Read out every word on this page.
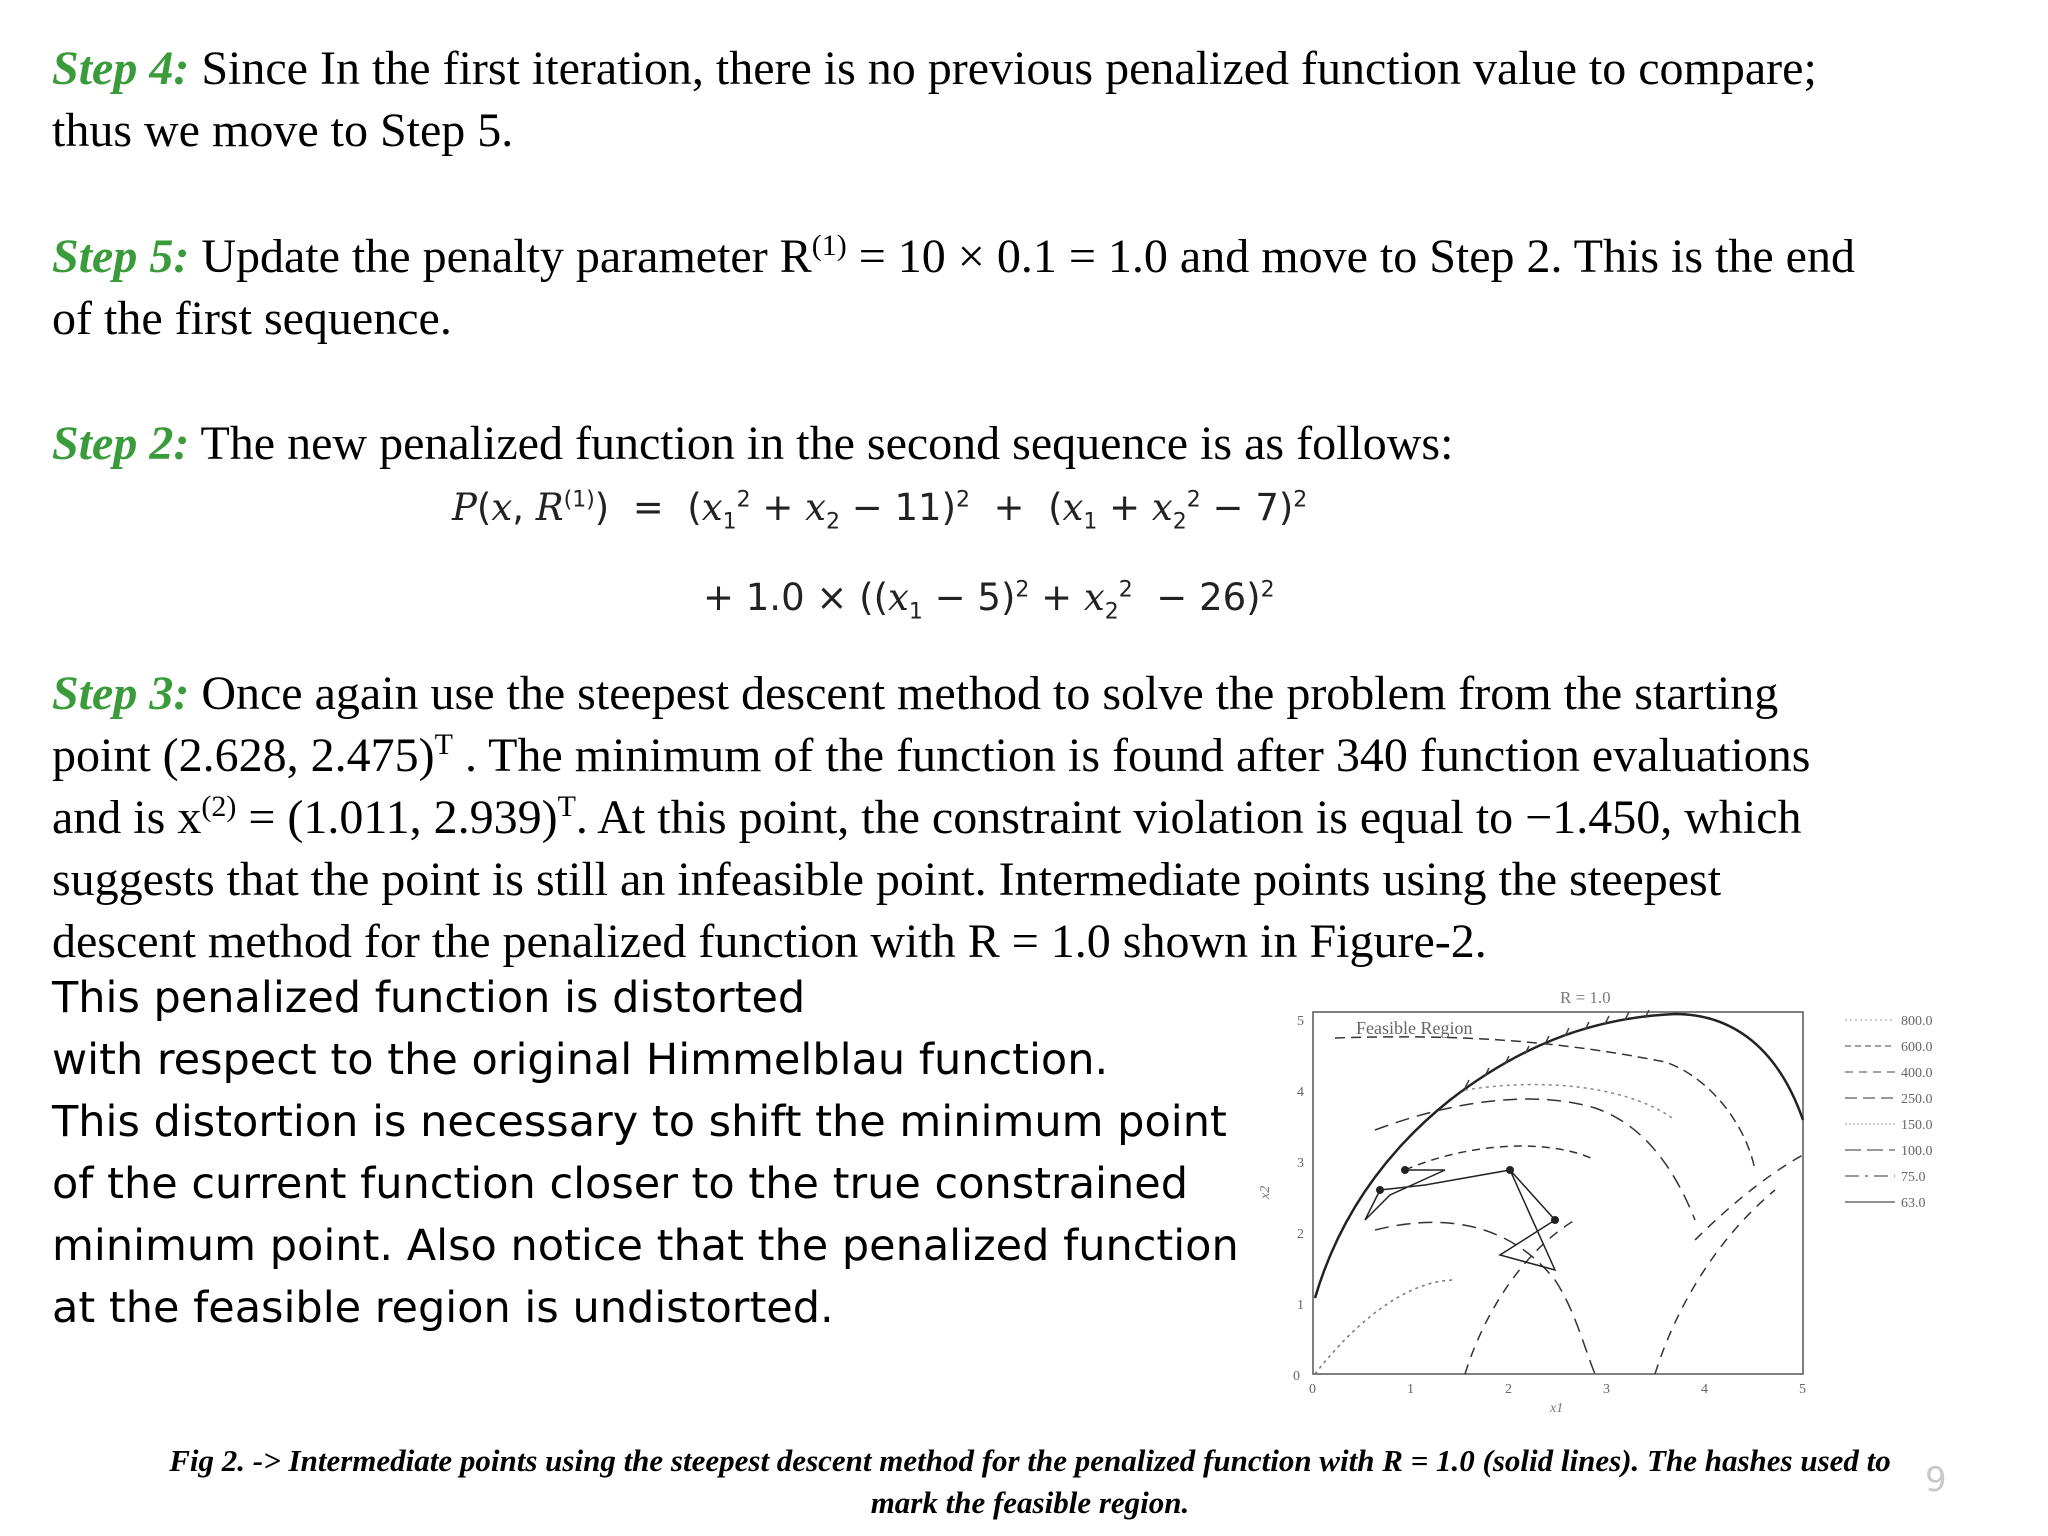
Step 4: Since In the first iteration, there is no previous penalized function value to compare;
thus we move to Step 5.
Step 5: Update the penalty parameter $R^{(1)} = 10 \times 0.1 = 1.0$ and move to Step 2. This is the end
of the first sequence.
Step 2: The new penalized function in the second sequence is as follows:
P(x, $R^{(1)}) = (x_1^2 + x_2 - 11)^2 + (x_1 + x_2^2 - 7)^2$
+ $1.0 \times ((x_1 - 5)^2 + x_2^2 - 26)^2$
Step 3: Once again use the steepest descent method to solve the problem from the starting
point (2.628, 2.475)$^T$ . The minimum of the function is found after 340 function evaluations
and is $x^{(2)} = (1.011$, 2.939)$^T$. At this point, the constraint violation is equal to −1.450, which
suggests that the point is still an infeasible point. Intermediate points using the steepest
descent method for the penalized function with R = 1.0 shown in Figure-2.
This penalized function is distorted
with respect to the original Himmelblau function.
This distortion is necessary to shift the minimum point
of the current function closer to the true constrained
minimum point. Also notice that the penalized function
at the feasible region is undistorted.
R = 1.0
Feasible Region
0
1
2
3
4
5
0	1	2	3	4	5
x1
x2
800.0
600.0
400.0
250.0
150.0
100.0
75.0
63.0
Fig 2. -> Intermediate points using the steepest descent method for the penalized function with R = 1.0 (solid lines). The hashes used to
mark the feasible region.
9
